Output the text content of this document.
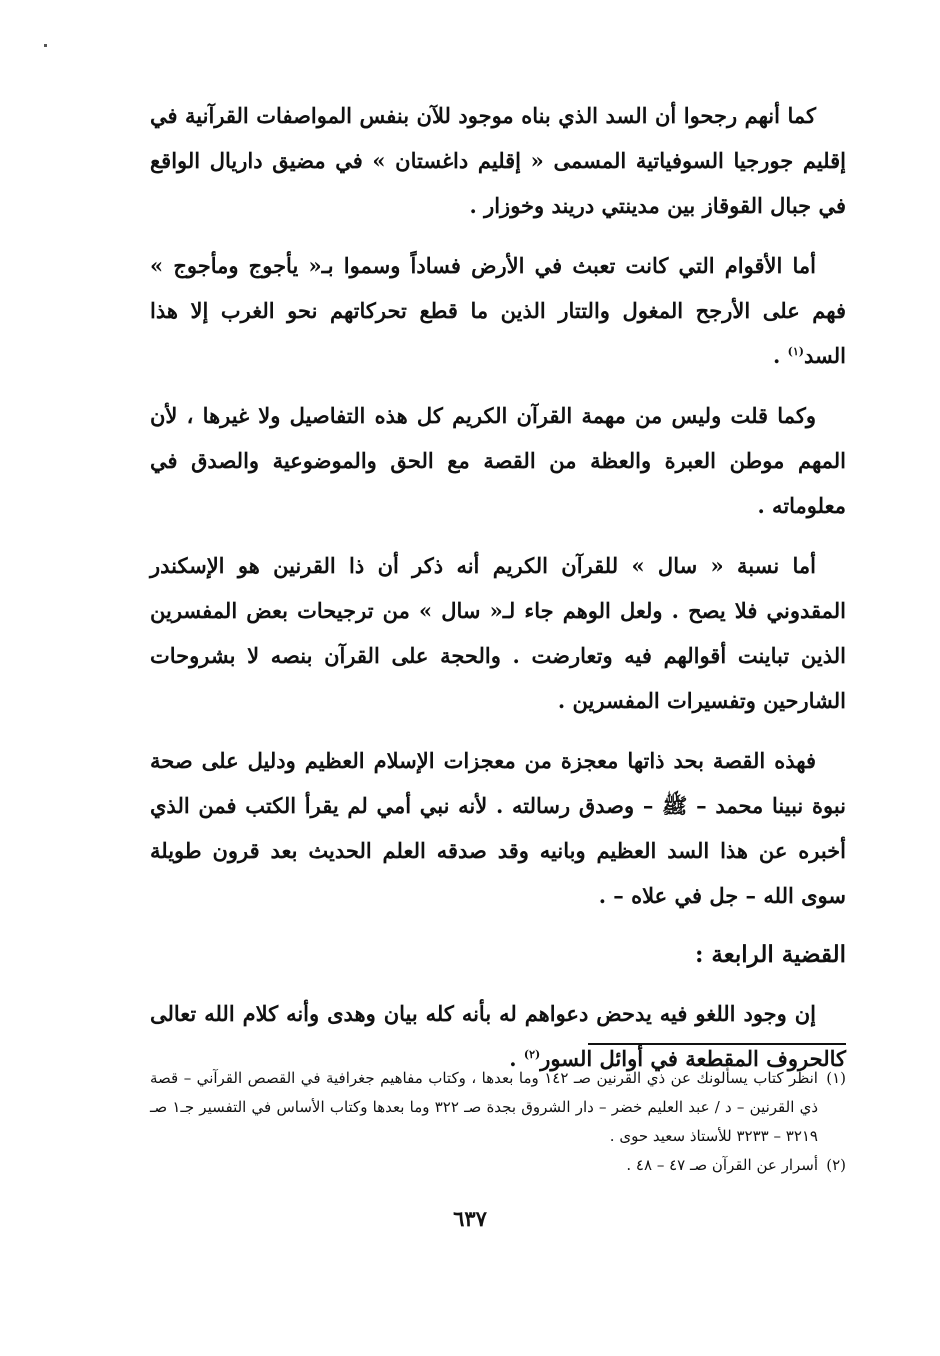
كما أنهم رجحوا أن السد الذي بناه موجود للآن بنفس المواصفات القرآنية في إقليم جورجيا السوفياتية المسمى « إقليم داغستان » في مضيق داريال الواقع في جبال القوقاز بين مدينتي دريند وخوزار .

أما الأقوام التي كانت تعبث في الأرض فساداً وسموا بـ« يأجوج ومأجوج » فهم على الأرجح المغول والتتار الذين ما قطع تحركاتهم نحو الغرب إلا هذا السد$^{(١)}$ .

وكما قلت وليس من مهمة القرآن الكريم كل هذه التفاصيل ولا غيرها ، لأن المهم موطن العبرة والعظة من القصة مع الحق والموضوعية والصدق في معلوماته .

أما نسبة « سال » للقرآن الكريم أنه ذكر أن ذا القرنين هو الإسكندر المقدوني فلا يصح . ولعل الوهم جاء لـ« سال » من ترجيحات بعض المفسرين الذين تباينت أقوالهم فيه وتعارضت . والحجة على القرآن بنصه لا بشروحات الشارحين وتفسيرات المفسرين .

فهذه القصة بحد ذاتها معجزة من معجزات الإسلام العظيم ودليل على صحة نبوة نبينا محمد – ﷺ – وصدق رسالته . لأنه نبي أمي لم يقرأ الكتب فمن الذي أخبره عن هذا السد العظيم وبانيه وقد صدقه العلم الحديث بعد قرون طويلة سوى الله – جل في علاه – .

القضية الرابعة :

إن وجود اللغو فيه يدحض دعواهم له بأنه كله بيان وهدى وأنه كلام الله تعالى كالحروف المقطعة في أوائل السور$^{(٢)}$ .

(١)
انظر كتاب يسألونك عن ذي القرنين صـ ١٤٢ وما بعدها ، وكتاب مفاهيم جغرافية في القصص القرآني – قصة ذي القرنين – د / عبد العليم خضر – دار الشروق بجدة صـ ٣٢٢ وما بعدها وكتاب الأساس في التفسير جـ١ صـ ٣٢١٩ – ٣٢٣٣ للأستاذ سعيد حوى .

(٢)
أسرار عن القرآن صـ ٤٧ – ٤٨ .

٦٣٧
